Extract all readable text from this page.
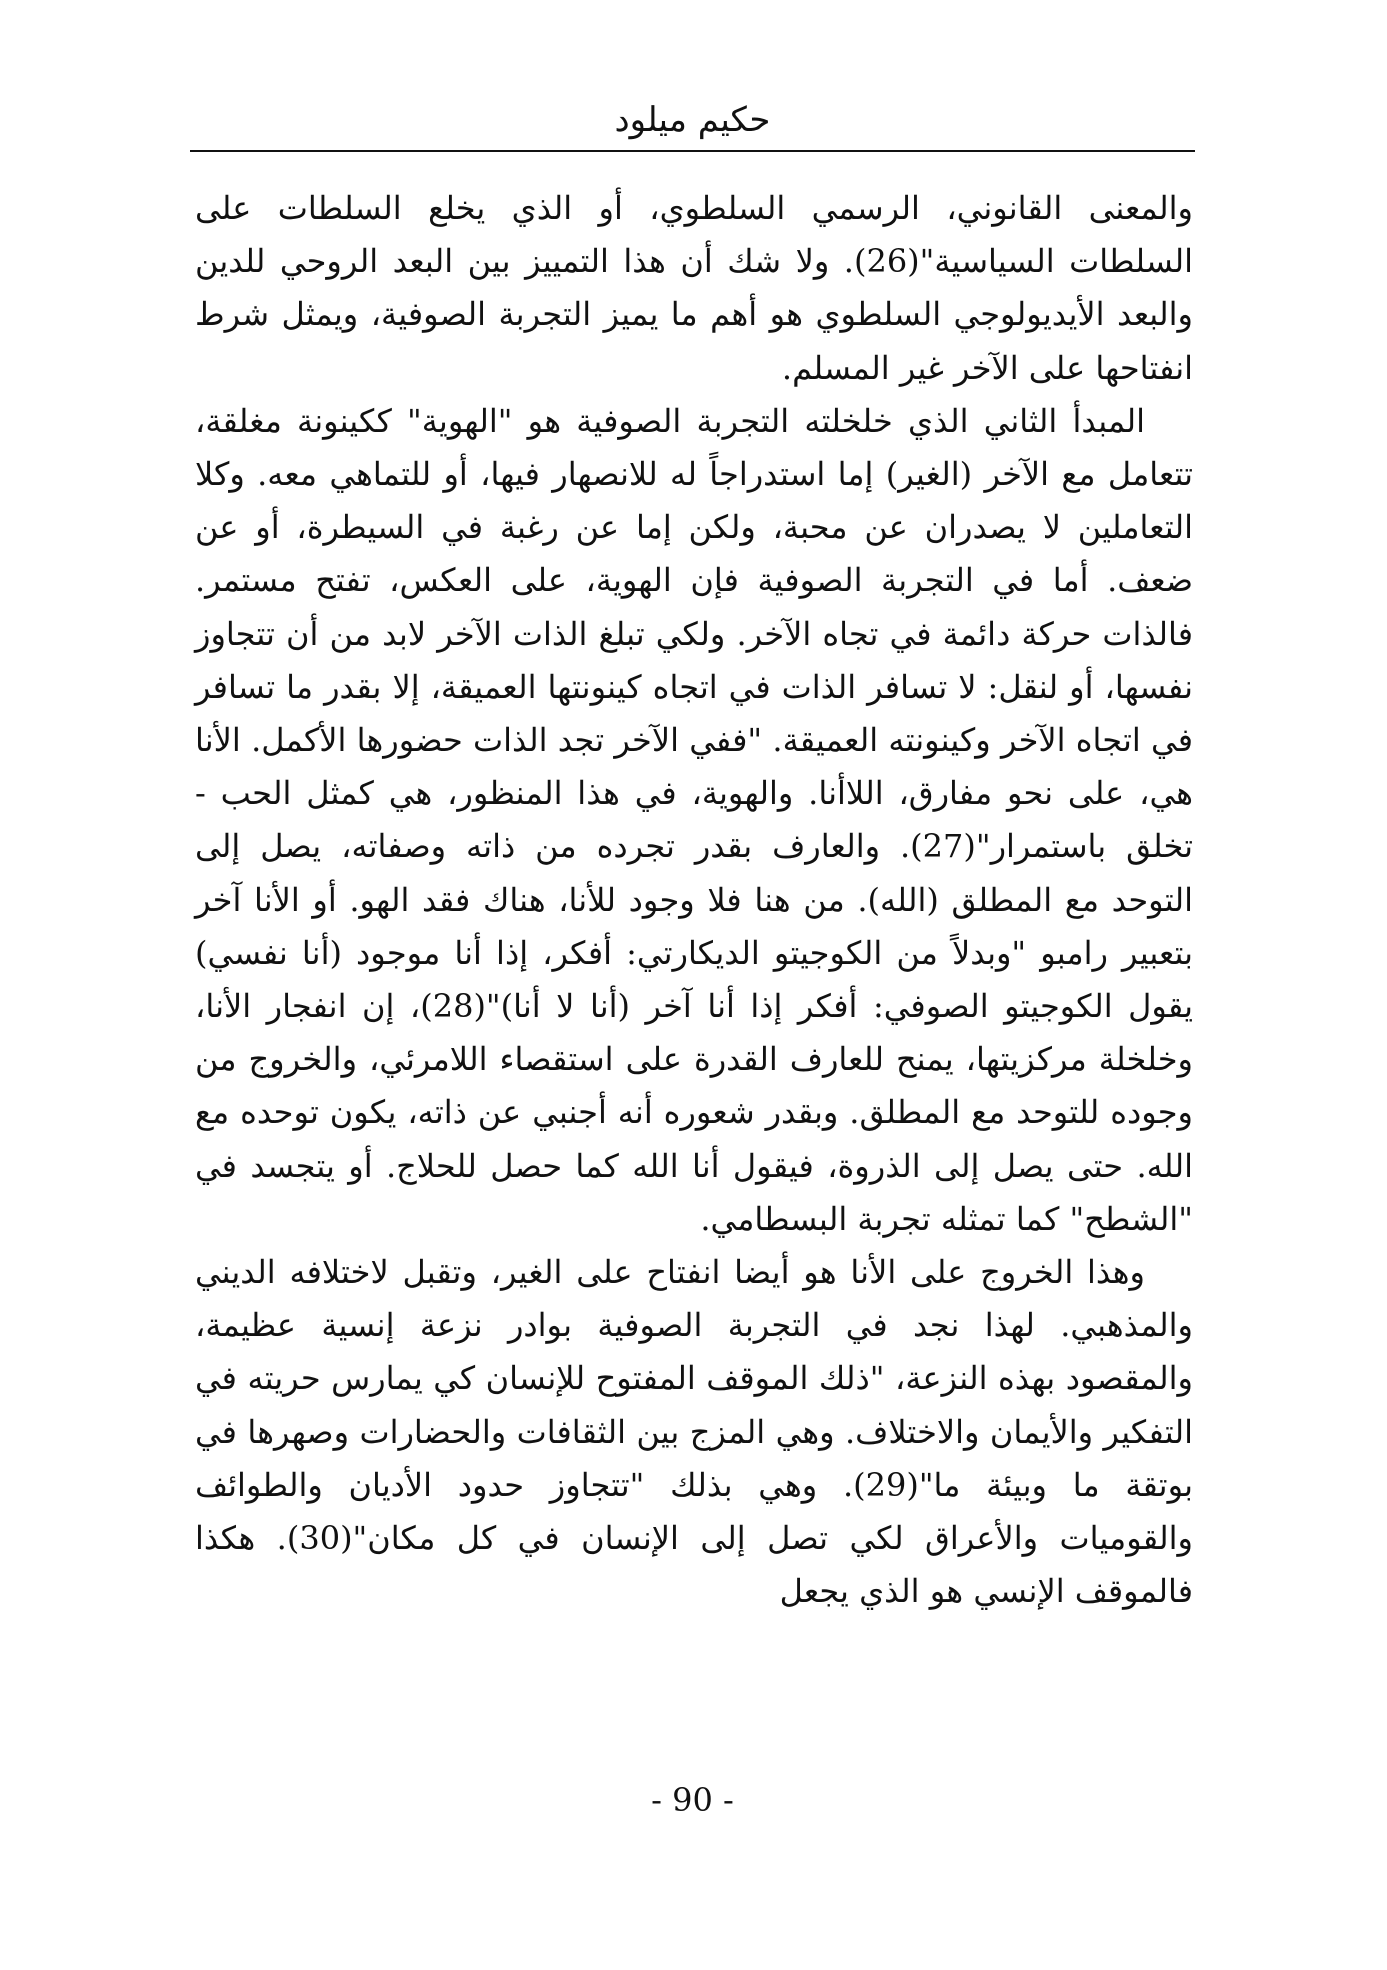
حكيم ميلود

والمعنى القانوني، الرسمي السلطوي، أو الذي يخلع السلطات على السلطات السياسية"(26). ولا شك أن هذا التمييز بين البعد الروحي للدين والبعد الأيديولوجي السلطوي هو أهم ما يميز التجربة الصوفية، ويمثل شرط انفتاحها على الآخر غير المسلم.

المبدأ الثاني الذي خلخلته التجربة الصوفية هو "الهوية" ككينونة مغلقة، تتعامل مع الآخر (الغير) إما استدراجاً له للانصهار فيها، أو للتماهي معه. وكلا التعاملين لا يصدران عن محبة، ولكن إما عن رغبة في السيطرة، أو عن ضعف. أما في التجربة الصوفية فإن الهوية، على العكس، تفتح مستمر. فالذات حركة دائمة في تجاه الآخر. ولكي تبلغ الذات الآخر لابد من أن تتجاوز نفسها، أو لنقل: لا تسافر الذات في اتجاه كينونتها العميقة، إلا بقدر ما تسافر في اتجاه الآخر وكينونته العميقة. "ففي الآخر تجد الذات حضورها الأكمل. الأنا هي، على نحو مفارق، اللاأنا. والهوية، في هذا المنظور، هي كمثل الحب - تخلق باستمرار"(27). والعارف بقدر تجرده من ذاته وصفاته، يصل إلى التوحد مع المطلق (الله). من هنا فلا وجود للأنا، هناك فقد الهو. أو الأنا آخر بتعبير رامبو "وبدلاً من الكوجيتو الديكارتي: أفكر، إذا أنا موجود (أنا نفسي) يقول الكوجيتو الصوفي: أفكر إذا أنا آخر (أنا لا أنا)"(28)، إن انفجار الأنا، وخلخلة مركزيتها، يمنح للعارف القدرة على استقصاء اللامرئي، والخروج من وجوده للتوحد مع المطلق. وبقدر شعوره أنه أجنبي عن ذاته، يكون توحده مع الله. حتى يصل إلى الذروة، فيقول أنا الله كما حصل للحلاج. أو يتجسد في "الشطح" كما تمثله تجربة البسطامي.

وهذا الخروج على الأنا هو أيضا انفتاح على الغير، وتقبل لاختلافه الديني والمذهبي. لهذا نجد في التجربة الصوفية بوادر نزعة إنسية عظيمة، والمقصود بهذه النزعة، "ذلك الموقف المفتوح للإنسان كي يمارس حريته في التفكير والأيمان والاختلاف. وهي المزج بين الثقافات والحضارات وصهرها في بوتقة ما وبيئة ما"(29). وهي بذلك "تتجاوز حدود الأديان والطوائف والقوميات والأعراق لكي تصل إلى الإنسان في كل مكان"(30). هكذا فالموقف الإنسي هو الذي يجعل

- 90 -
